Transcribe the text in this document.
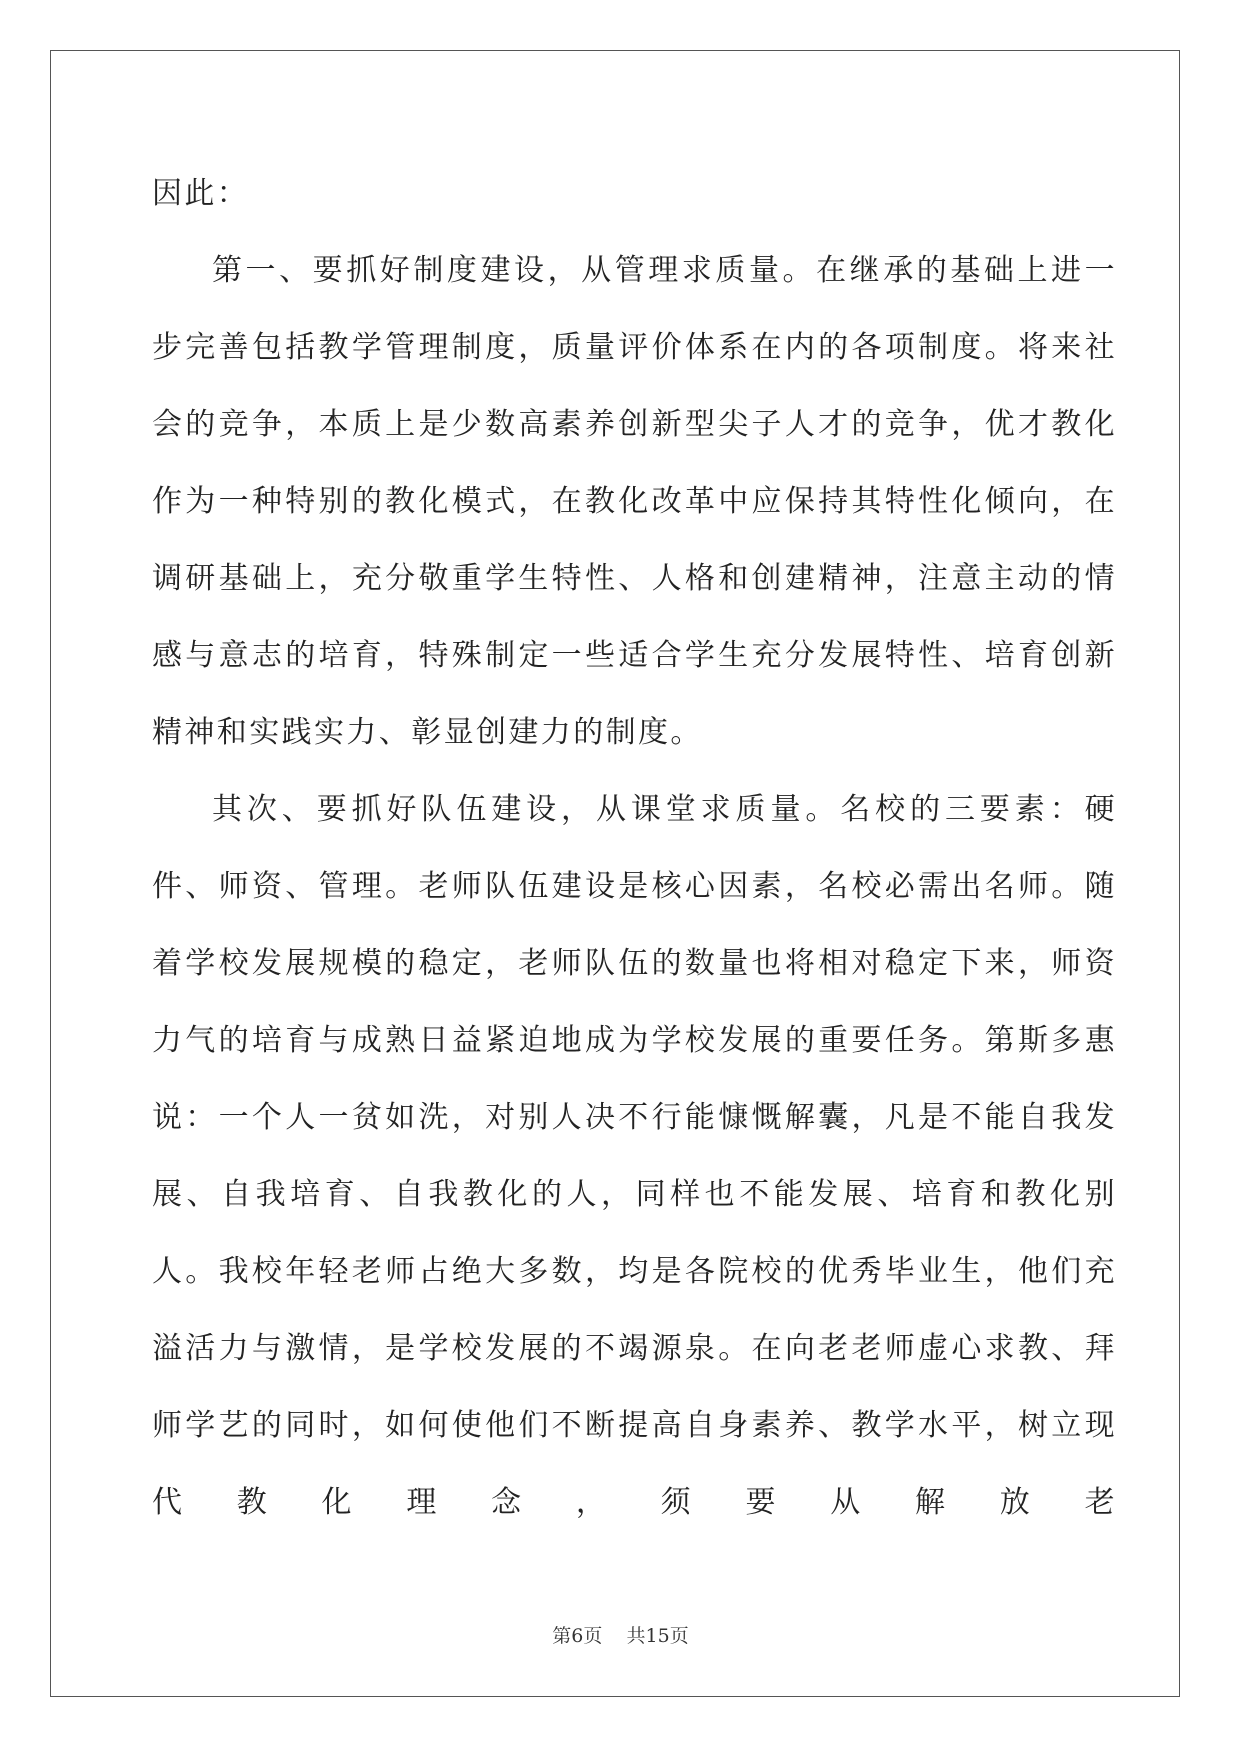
因此：

第一、要抓好制度建设，从管理求质量。在继承的基础上进一步完善包括教学管理制度，质量评价体系在内的各项制度。将来社会的竞争，本质上是少数高素养创新型尖子人才的竞争，优才教化作为一种特别的教化模式，在教化改革中应保持其特性化倾向，在调研基础上，充分敬重学生特性、人格和创建精神，注意主动的情感与意志的培育，特殊制定一些适合学生充分发展特性、培育创新精神和实践实力、彰显创建力的制度。

其次、要抓好队伍建设，从课堂求质量。名校的三要素：硬件、师资、管理。老师队伍建设是核心因素，名校必需出名师。随着学校发展规模的稳定，老师队伍的数量也将相对稳定下来，师资力气的培育与成熟日益紧迫地成为学校发展的重要任务。第斯多惠说：一个人一贫如洗，对别人决不行能慷慨解囊，凡是不能自我发展、自我培育、自我教化的人，同样也不能发展、培育和教化别人。我校年轻老师占绝大多数，均是各院校的优秀毕业生，他们充溢活力与激情，是学校发展的不竭源泉。在向老老师虚心求教、拜师学艺的同时，如何使他们不断提高自身素养、教学水平，树立现代教化理念，须要从解放老

第6页 共15页
